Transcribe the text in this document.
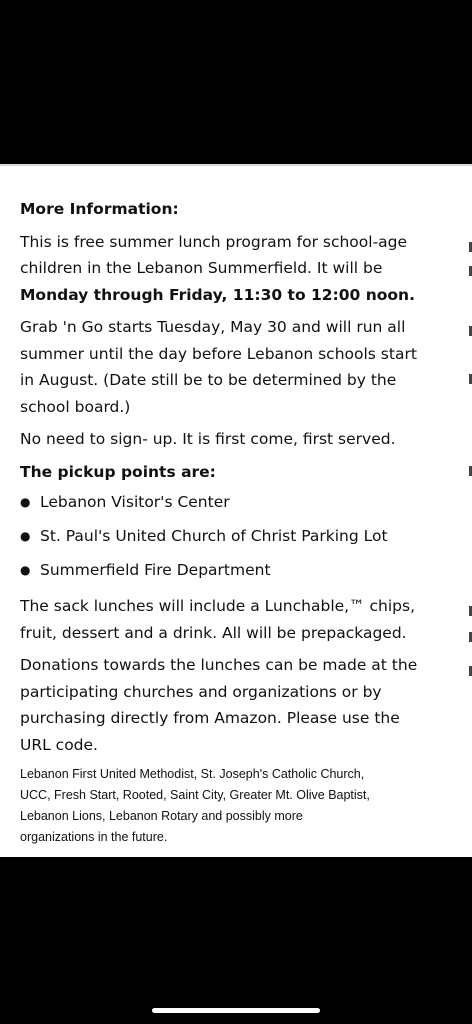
More Information:
This is free summer lunch program for school-age
children in the Lebanon Summerfield. It will be
Monday through Friday, 11:30 to 12:00 noon.
Grab 'n Go starts Tuesday, May 30 and will run all
summer until the day before Lebanon schools start
in August. (Date still be to be determined by the
school board.)
No need to sign- up. It is first come, first served.
The pickup points are:
● Lebanon Visitor's Center
● St. Paul's United Church of Christ Parking Lot
● Summerfield Fire Department
The sack lunches will include a Lunchable,™ chips,
fruit, dessert and a drink. All will be prepackaged.
Donations towards the lunches can be made at the
participating churches and organizations or by
purchasing directly from Amazon. Please use the
URL code.
Lebanon First United Methodist, St. Joseph's Catholic Church,
UCC, Fresh Start, Rooted, Saint City, Greater Mt. Olive Baptist,
Lebanon Lions, Lebanon Rotary and possibly more
organizations in the future.
